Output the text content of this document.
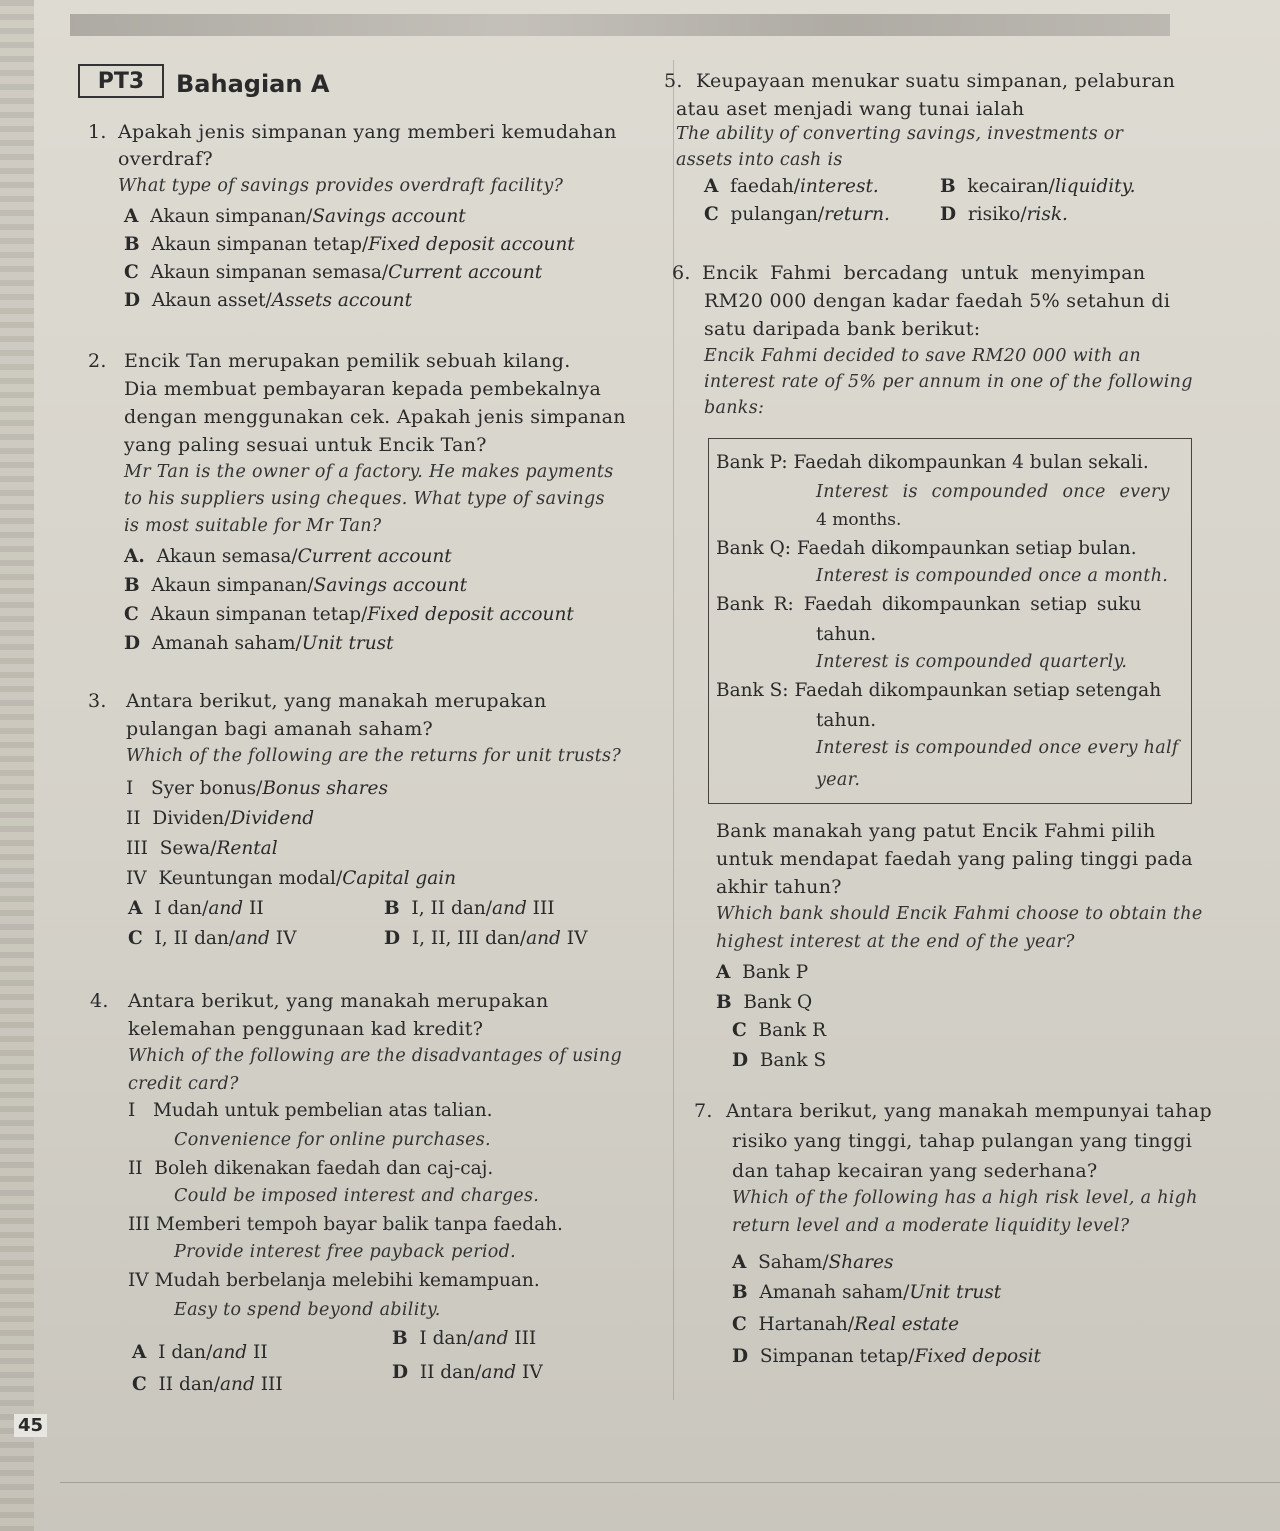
PT3	Bahagian A
1. Apakah jenis simpanan yang memberi kemudahan
overdraf?
What type of savings provides overdraft facility?
A Akaun simpanan/Savings account
B Akaun simpanan tetap/Fixed deposit account
C Akaun simpanan semasa/Current account
D Akaun asset/Assets account
2. Encik Tan merupakan pemilik sebuah kilang.
Dia membuat pembayaran kepada pembekalnya
dengan menggunakan cek. Apakah jenis simpanan
yang paling sesuai untuk Encik Tan?
Mr Tan is the owner of a factory. He makes payments
to his suppliers using cheques. What type of savings
is most suitable for Mr Tan?
A. Akaun semasa/Current account
B Akaun simpanan/Savings account
C Akaun simpanan tetap/Fixed deposit account
D Amanah saham/Unit trust
3. Antara berikut, yang manakah merupakan
pulangan bagi amanah saham?
Which of the following are the returns for unit trusts?
I Syer bonus/Bonus shares
II Dividen/Dividend
III Sewa/Rental
IV Keuntungan modal/Capital gain
A I dan/and II	B I, II dan/and III
C I, II dan/and IV	D I, II, III dan/and IV
4. Antara berikut, yang manakah merupakan
kelemahan penggunaan kad kredit?
Which of the following are the disadvantages of using
credit card?
I Mudah untuk pembelian atas talian.
Convenience for online purchases.
II Boleh dikenakan faedah dan caj-caj.
Could be imposed interest and charges.
III Memberi tempoh bayar balik tanpa faedah.
Provide interest free payback period.
IV Mudah berbelanja melebihi kemampuan.
Easy to spend beyond ability.
A I dan/and II
B I dan/and III
C II dan/and III
D II dan/and IV
5. Keupayaan menukar suatu simpanan, pelaburan
atau aset menjadi wang tunai ialah
The ability of converting savings, investments or
assets into cash is
A faedah/interest.	B kecairan/liquidity.
C pulangan/return.	D risiko/risk.
6. Encik Fahmi bercadang untuk menyimpan
RM20 000 dengan kadar faedah 5% setahun di
satu daripada bank berikut:
Encik Fahmi decided to save RM20 000 with an
interest rate of 5% per annum in one of the following
banks:
Bank P: Faedah dikompaunkan 4 bulan sekali.
Interest is compounded once every
4 months.
Bank Q: Faedah dikompaunkan setiap bulan.
Interest is compounded once a month.
Bank R: Faedah dikompaunkan setiap suku
tahun.
Interest is compounded quarterly.
Bank S: Faedah dikompaunkan setiap setengah
tahun.
Interest is compounded once every half
year.
Bank manakah yang patut Encik Fahmi pilih
untuk mendapat faedah yang paling tinggi pada
akhir tahun?
Which bank should Encik Fahmi choose to obtain the
highest interest at the end of the year?
A Bank P
B Bank Q
C Bank R
D Bank S
7. Antara berikut, yang manakah mempunyai tahap
risiko yang tinggi, tahap pulangan yang tinggi
dan tahap kecairan yang sederhana?
Which of the following has a high risk level, a high
return level and a moderate liquidity level?
A Saham/Shares
B Amanah saham/Unit trust
C Hartanah/Real estate
D Simpanan tetap/Fixed deposit
45
